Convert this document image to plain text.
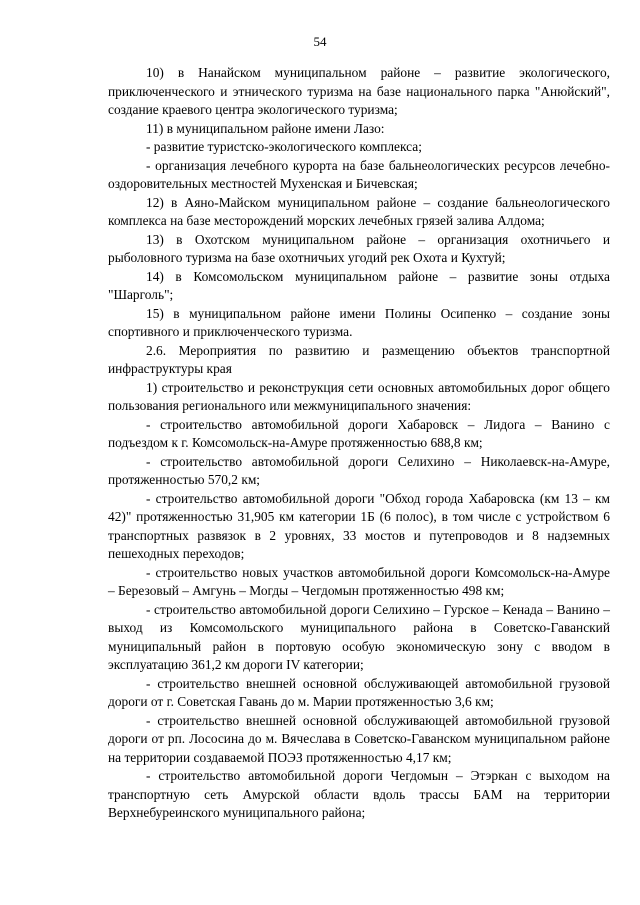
54

10) в Нанайском муниципальном районе – развитие экологического, приключенческого и этнического туризма на базе национального парка "Анюйский", создание краевого центра экологического туризма;

11) в муниципальном районе имени Лазо:

- развитие туристско-экологического комплекса;

- организация лечебного курорта на базе бальнеологических ресурсов лечебно-оздоровительных местностей Мухенская и Бичевская;

12) в Аяно-Майском муниципальном районе – создание бальнеологического комплекса на базе месторождений морских лечебных грязей залива Алдома;

13) в Охотском муниципальном районе – организация охотничьего и рыболовного туризма на базе охотничьих угодий рек Охота и Кухтуй;

14) в Комсомольском муниципальном районе – развитие зоны отдыха "Шарголь";

15) в муниципальном районе имени Полины Осипенко – создание зоны спортивного и приключенческого туризма.

2.6. Мероприятия по развитию и размещению объектов транспортной инфраструктуры края

1) строительство и реконструкция сети основных автомобильных дорог общего пользования регионального или межмуниципального значения:

- строительство автомобильной дороги Хабаровск – Лидога – Ванино с подъездом к г. Комсомольск-на-Амуре протяженностью 688,8 км;

- строительство автомобильной дороги Селихино – Николаевск-на-Амуре, протяженностью 570,2 км;

- строительство автомобильной дороги "Обход города Хабаровска (км 13 – км 42)" протяженностью 31,905 км категории 1Б (6 полос), в том числе с устройством 6 транспортных развязок в 2 уровнях, 33 мостов и путепроводов и 8 надземных пешеходных переходов;

- строительство новых участков автомобильной дороги Комсомольск-на-Амуре – Березовый – Амгунь – Могды – Чегдомын протяженностью 498 км;

- строительство автомобильной дороги Селихино – Гурское – Кенада – Ванино – выход из Комсомольского муниципального района в Советско-Гаванский муниципальный район в портовую особую экономическую зону с вводом в эксплуатацию 361,2 км дороги IV категории;

- строительство внешней основной обслуживающей автомобильной грузовой дороги от г. Советская Гавань до м. Марии протяженностью 3,6 км;

- строительство внешней основной обслуживающей автомобильной грузовой дороги от рп. Лососина до м. Вячеслава в Советско-Гаванском муниципальном районе на территории создаваемой ПОЭЗ протяженностью 4,17 км;

- строительство автомобильной дороги Чегдомын – Этэркан с выходом на транспортную сеть Амурской области вдоль трассы БАМ на территории Верхнебуреинского муниципального района;
